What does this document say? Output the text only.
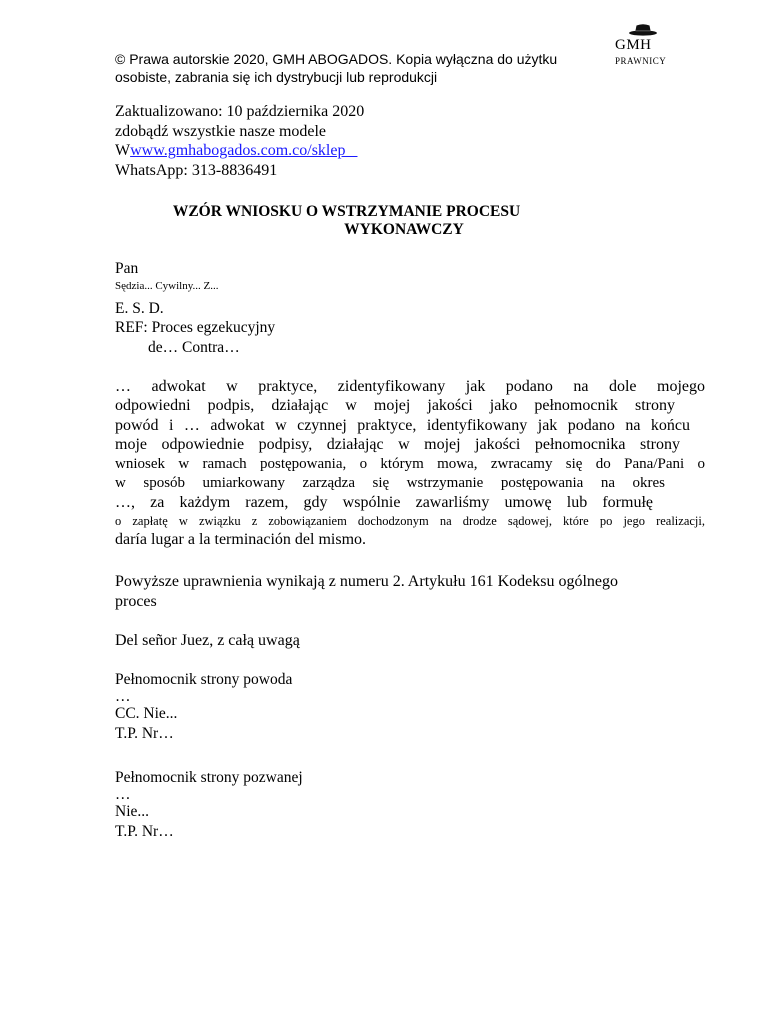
© Prawa autorskie 2020, GMH ABOGADOS. Kopia wyłączna do użytku
osobiste, zabrania się ich dystrybucji lub reprodukcji
GMH
PRAWNICY
Zaktualizowano: 10 października 2020
zdobądź wszystkie nasze modele
Wwww.gmhabogados.com.co/sklep
WhatsApp: 313-8836491
WZÓR WNIOSKU O WSTRZYMANIE PROCESU
WYKONAWCZY
Pan
Sędzia... Cywilny... Z...
E. S. D.
REF: Proces egzekucyjny
de… Contra…
… adwokat w praktyce, zidentyfikowany jak podano na dole mojego
odpowiedni podpis, działając w mojej jakości jako pełnomocnik strony
powód i … adwokat w czynnej praktyce, identyfikowany jak podano na końcu
moje odpowiednie podpisy, działając w mojej jakości pełnomocnika strony
wniosek w ramach postępowania, o którym mowa, zwracamy się do Pana/Pani o
w sposób umiarkowany zarządza się wstrzymanie postępowania na okres
…, za każdym razem, gdy wspólnie zawarliśmy umowę lub formułę
o zapłatę w związku z zobowiązaniem dochodzonym na drodze sądowej, które po jego realizacji,
daría lugar a la terminación del mismo.
Powyższe uprawnienia wynikają z numeru 2. Artykułu 161 Kodeksu ogólnego
proces
Del señor Juez, z całą uwagą
Pełnomocnik strony powoda
…
CC. Nie...
T.P. Nr…
Pełnomocnik strony pozwanej
…
Nie...
T.P. Nr…
